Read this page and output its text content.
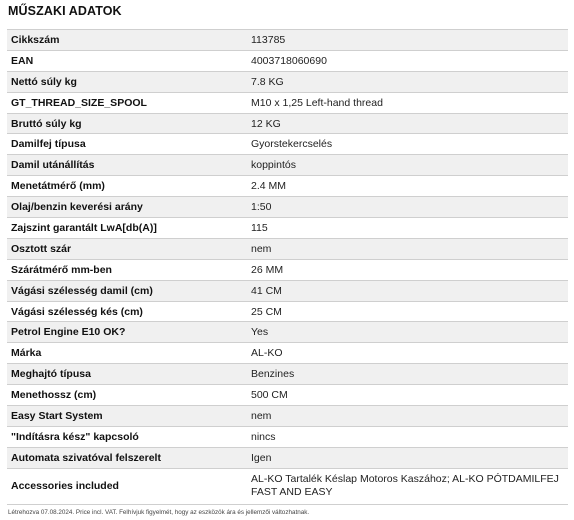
MŰSZAKI ADATOK
Cikkszám	113785
EAN	4003718060690
Nettó súly kg	7.8 KG
GT_THREAD_SIZE_SPOOL	M10 x 1,25 Left-hand thread
Bruttó súly kg	12 KG
Damilfej típusa	Gyorstekercselés
Damil utánállítás	koppintós
Menetátmérő (mm)	2.4 MM
Olaj/benzin keverési arány	1:50
Zajszint garantált LwA[db(A)]	115
Osztott szár	nem
Szárátmérő mm-ben	26 MM
Vágási szélesség damil (cm)	41 CM
Vágási szélesség kés (cm)	25 CM
Petrol Engine E10 OK?	Yes
Márka	AL-KO
Meghajtó típusa	Benzines
Menethossz (cm)	500 CM
Easy Start System	nem
"Indításra kész" kapcsoló	nincs
Automata szivatóval felszerelt	Igen
Accessories included	AL-KO Tartalék Késlap Motoros Kaszához; AL-KO PÓTDAMILFEJ FAST AND EASY
Létrehozva 07.08.2024. Price incl. VAT. Felhívjuk figyelmét, hogy az eszközök ára és jellemzői változhatnak.
